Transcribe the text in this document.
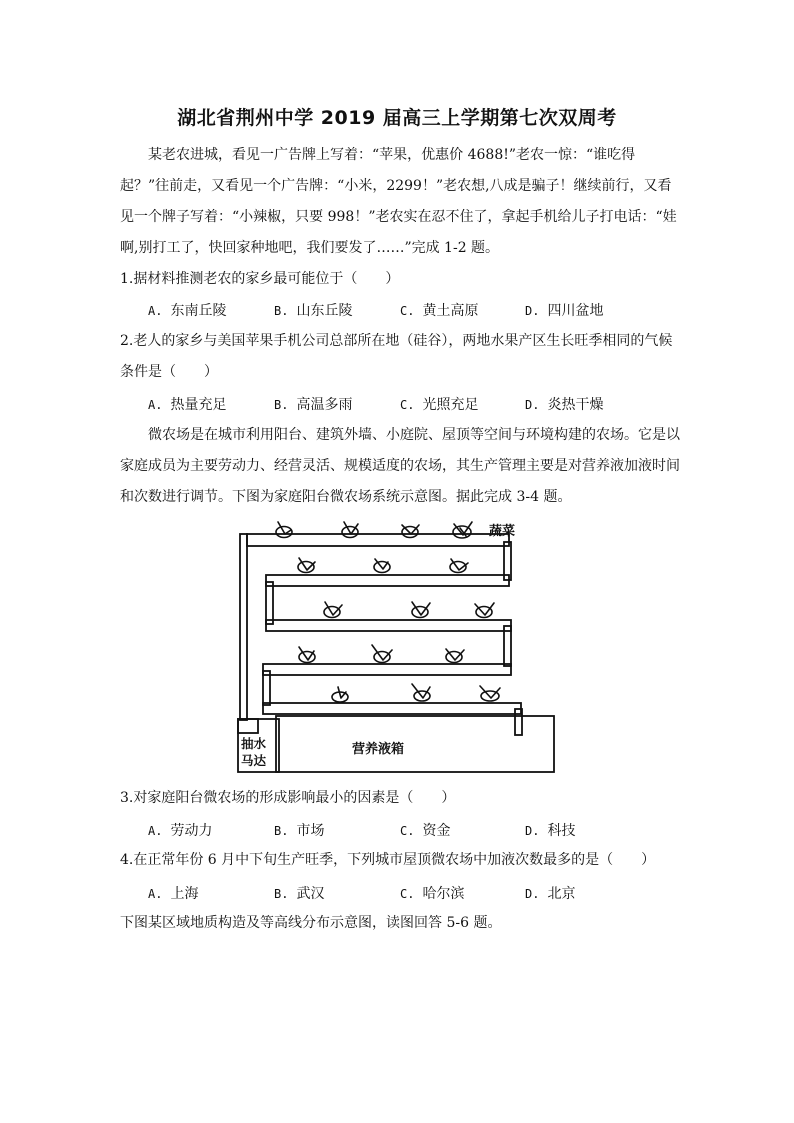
湖北省荆州中学 2019 届高三上学期第七次双周考

某老农进城，看见一广告牌上写着：“苹果，优惠价 4688!”老农一惊：“谁吃得起？”往前走，又看见一个广告牌：“小米，2299！”老农想,八成是骗子！继续前行，又看见一个牌子写着：“小辣椒，只要 998！”老农实在忍不住了，拿起手机给儿子打电话：“娃啊,别打工了，快回家种地吧，我们要发了……”完成 1-2 题。

1.据材料推测老农的家乡最可能位于（　　）

A. 东南丘陵	B. 山东丘陵	C. 黄土高原	D. 四川盆地

2.老人的家乡与美国苹果手机公司总部所在地（硅谷），两地水果产区生长旺季相同的气候条件是（　　）

A. 热量充足	B. 高温多雨	C. 光照充足	D. 炎热干燥

微农场是在城市利用阳台、建筑外墙、小庭院、屋顶等空间与环境构建的农场。它是以家庭成员为主要劳动力、经营灵活、规模适度的农场，其生产管理主要是对营养液加液时间和次数进行调节。下图为家庭阳台微农场系统示意图。据此完成 3-4 题。

蔬菜
营养液箱
抽水
马达

3.对家庭阳台微农场的形成影响最小的因素是（　　）

A. 劳动力	B. 市场	C. 资金	D. 科技

4.在正常年份 6 月中下旬生产旺季，下列城市屋顶微农场中加液次数最多的是（　　）

A. 上海	B. 武汉	C. 哈尔滨	D. 北京

下图某区域地质构造及等高线分布示意图，读图回答 5-6 题。
